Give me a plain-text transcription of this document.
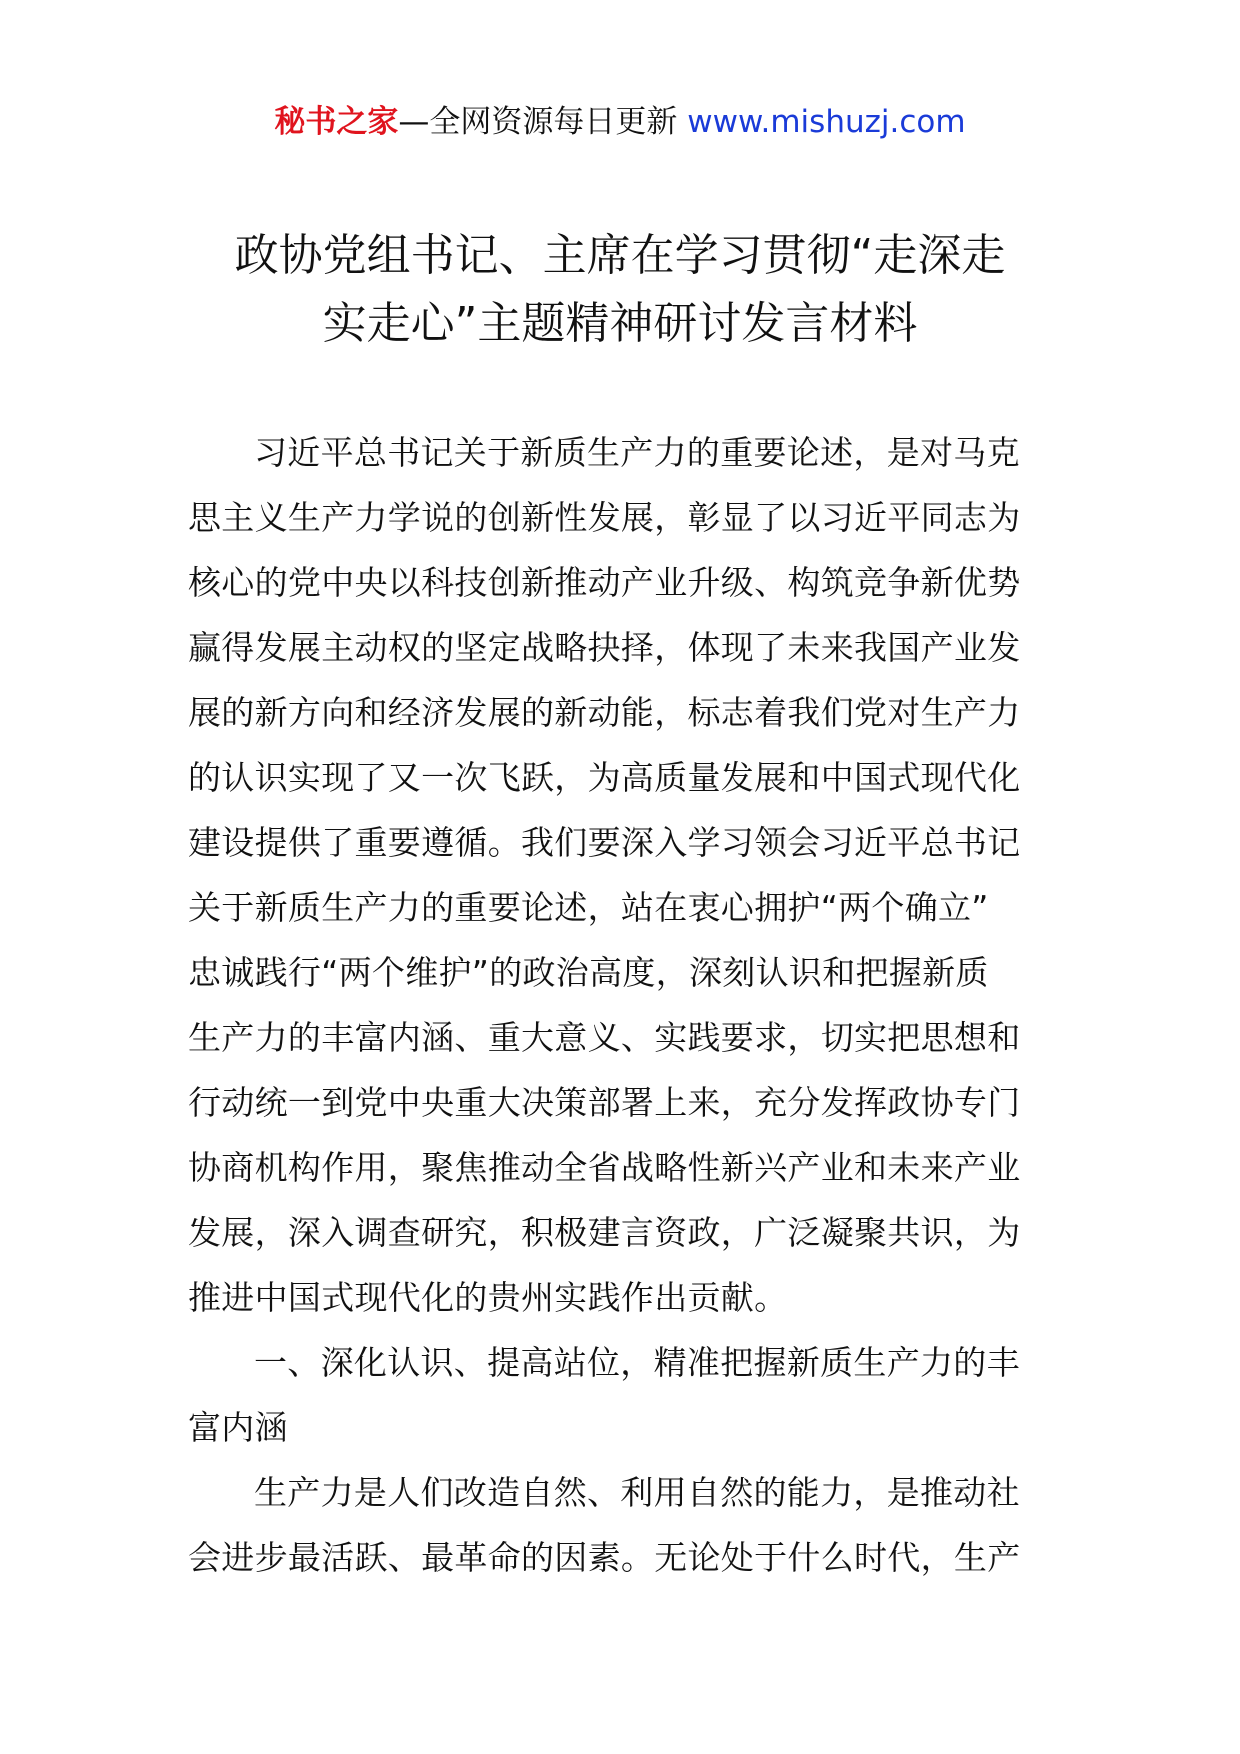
秘书之家—全网资源每日更新 www.mishuzj.com
政协党组书记、主席在学习贯彻“走深走
实走心”主题精神研讨发言材料
习近平总书记关于新质生产力的重要论述，是对马克
思主义生产力学说的创新性发展，彰显了以习近平同志为
核心的党中央以科技创新推动产业升级、构筑竞争新优势
赢得发展主动权的坚定战略抉择，体现了未来我国产业发
展的新方向和经济发展的新动能，标志着我们党对生产力
的认识实现了又一次飞跃，为高质量发展和中国式现代化
建设提供了重要遵循。我们要深入学习领会习近平总书记
关于新质生产力的重要论述，站在衷心拥护“两个确立”
忠诚践行“两个维护”的政治高度，深刻认识和把握新质
生产力的丰富内涵、重大意义、实践要求，切实把思想和
行动统一到党中央重大决策部署上来，充分发挥政协专门
协商机构作用，聚焦推动全省战略性新兴产业和未来产业
发展，深入调查研究，积极建言资政，广泛凝聚共识，为
推进中国式现代化的贵州实践作出贡献。
一、深化认识、提高站位，精准把握新质生产力的丰
富内涵
生产力是人们改造自然、利用自然的能力，是推动社
会进步最活跃、最革命的因素。无论处于什么时代，生产
